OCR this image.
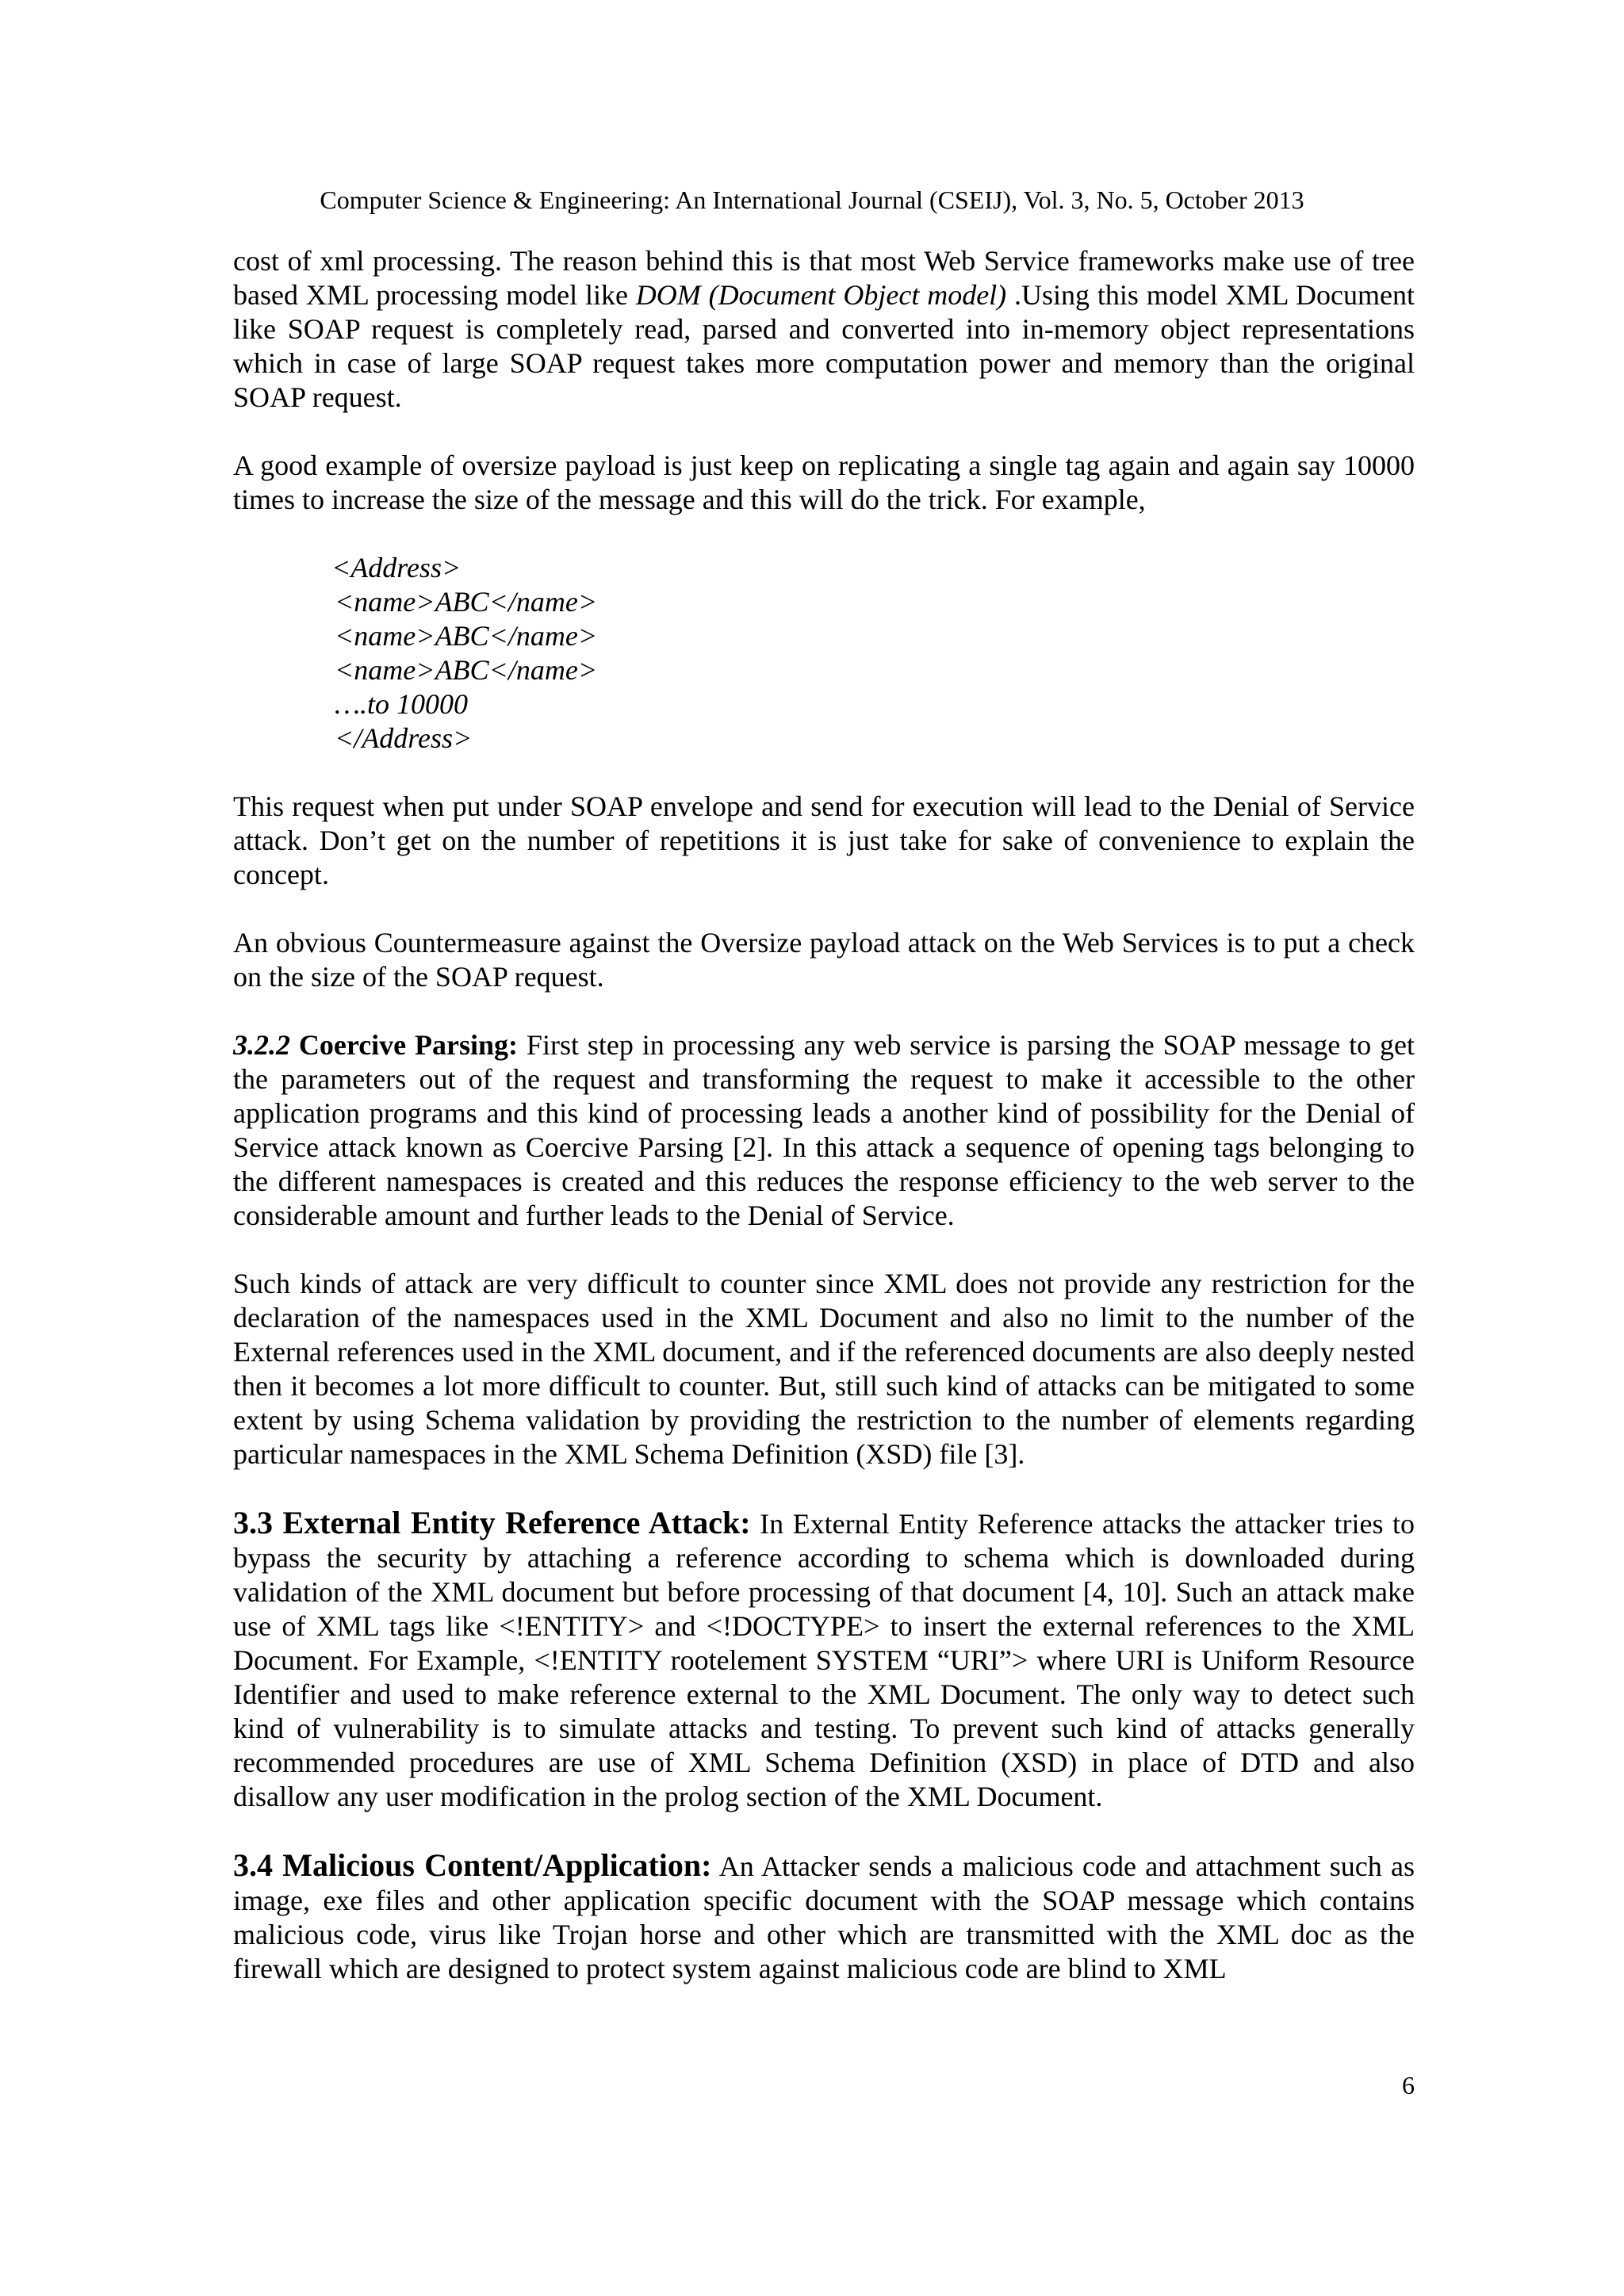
Computer Science & Engineering: An International Journal (CSEIJ), Vol. 3, No. 5, October 2013

cost of xml processing. The reason behind this is that most Web Service frameworks make use of tree based XML processing model like DOM (Document Object model) .Using this model XML Document like SOAP request is completely read, parsed and converted into in-memory object representations which in case of large SOAP request takes more computation power and memory than the original SOAP request.

A good example of oversize payload is just keep on replicating a single tag again and again say 10000 times to increase the size of the message and this will do the trick. For example,

<Address>
<name>ABC</name>
<name>ABC</name>
<name>ABC</name>
….to 10000
</Address>

This request when put under SOAP envelope and send for execution will lead to the Denial of Service attack. Don’t get on the number of repetitions it is just take for sake of convenience to explain the concept.

An obvious Countermeasure against the Oversize payload attack on the Web Services is to put a check on the size of the SOAP request.

3.2.2 Coercive Parsing: First step in processing any web service is parsing the SOAP message to get the parameters out of the request and transforming the request to make it accessible to the other application programs and this kind of processing leads a another kind of possibility for the Denial of Service attack known as Coercive Parsing [2]. In this attack a sequence of opening tags belonging to the different namespaces is created and this reduces the response efficiency to the web server to the considerable amount and further leads to the Denial of Service.

Such kinds of attack are very difficult to counter since XML does not provide any restriction for the declaration of the namespaces used in the XML Document and also no limit to the number of the External references used in the XML document, and if the referenced documents are also deeply nested then it becomes a lot more difficult to counter. But, still such kind of attacks can be mitigated to some extent by using Schema validation by providing the restriction to the number of elements regarding particular namespaces in the XML Schema Definition (XSD) file [3].

3.3 External Entity Reference Attack: In External Entity Reference attacks the attacker tries to bypass the security by attaching a reference according to schema which is downloaded during validation of the XML document but before processing of that document [4, 10]. Such an attack make use of XML tags like <!ENTITY> and <!DOCTYPE> to insert the external references to the XML Document. For Example, <!ENTITY rootelement SYSTEM “URI”> where URI is Uniform Resource Identifier and used to make reference external to the XML Document. The only way to detect such kind of vulnerability is to simulate attacks and testing. To prevent such kind of attacks generally recommended procedures are use of XML Schema Definition (XSD) in place of DTD and also disallow any user modification in the prolog section of the XML Document.

3.4 Malicious Content/Application: An Attacker sends a malicious code and attachment such as image, exe files and other application specific document with the SOAP message which contains malicious code, virus like Trojan horse and other which are transmitted with the XML doc as the firewall which are designed to protect system against malicious code are blind to XML

6
